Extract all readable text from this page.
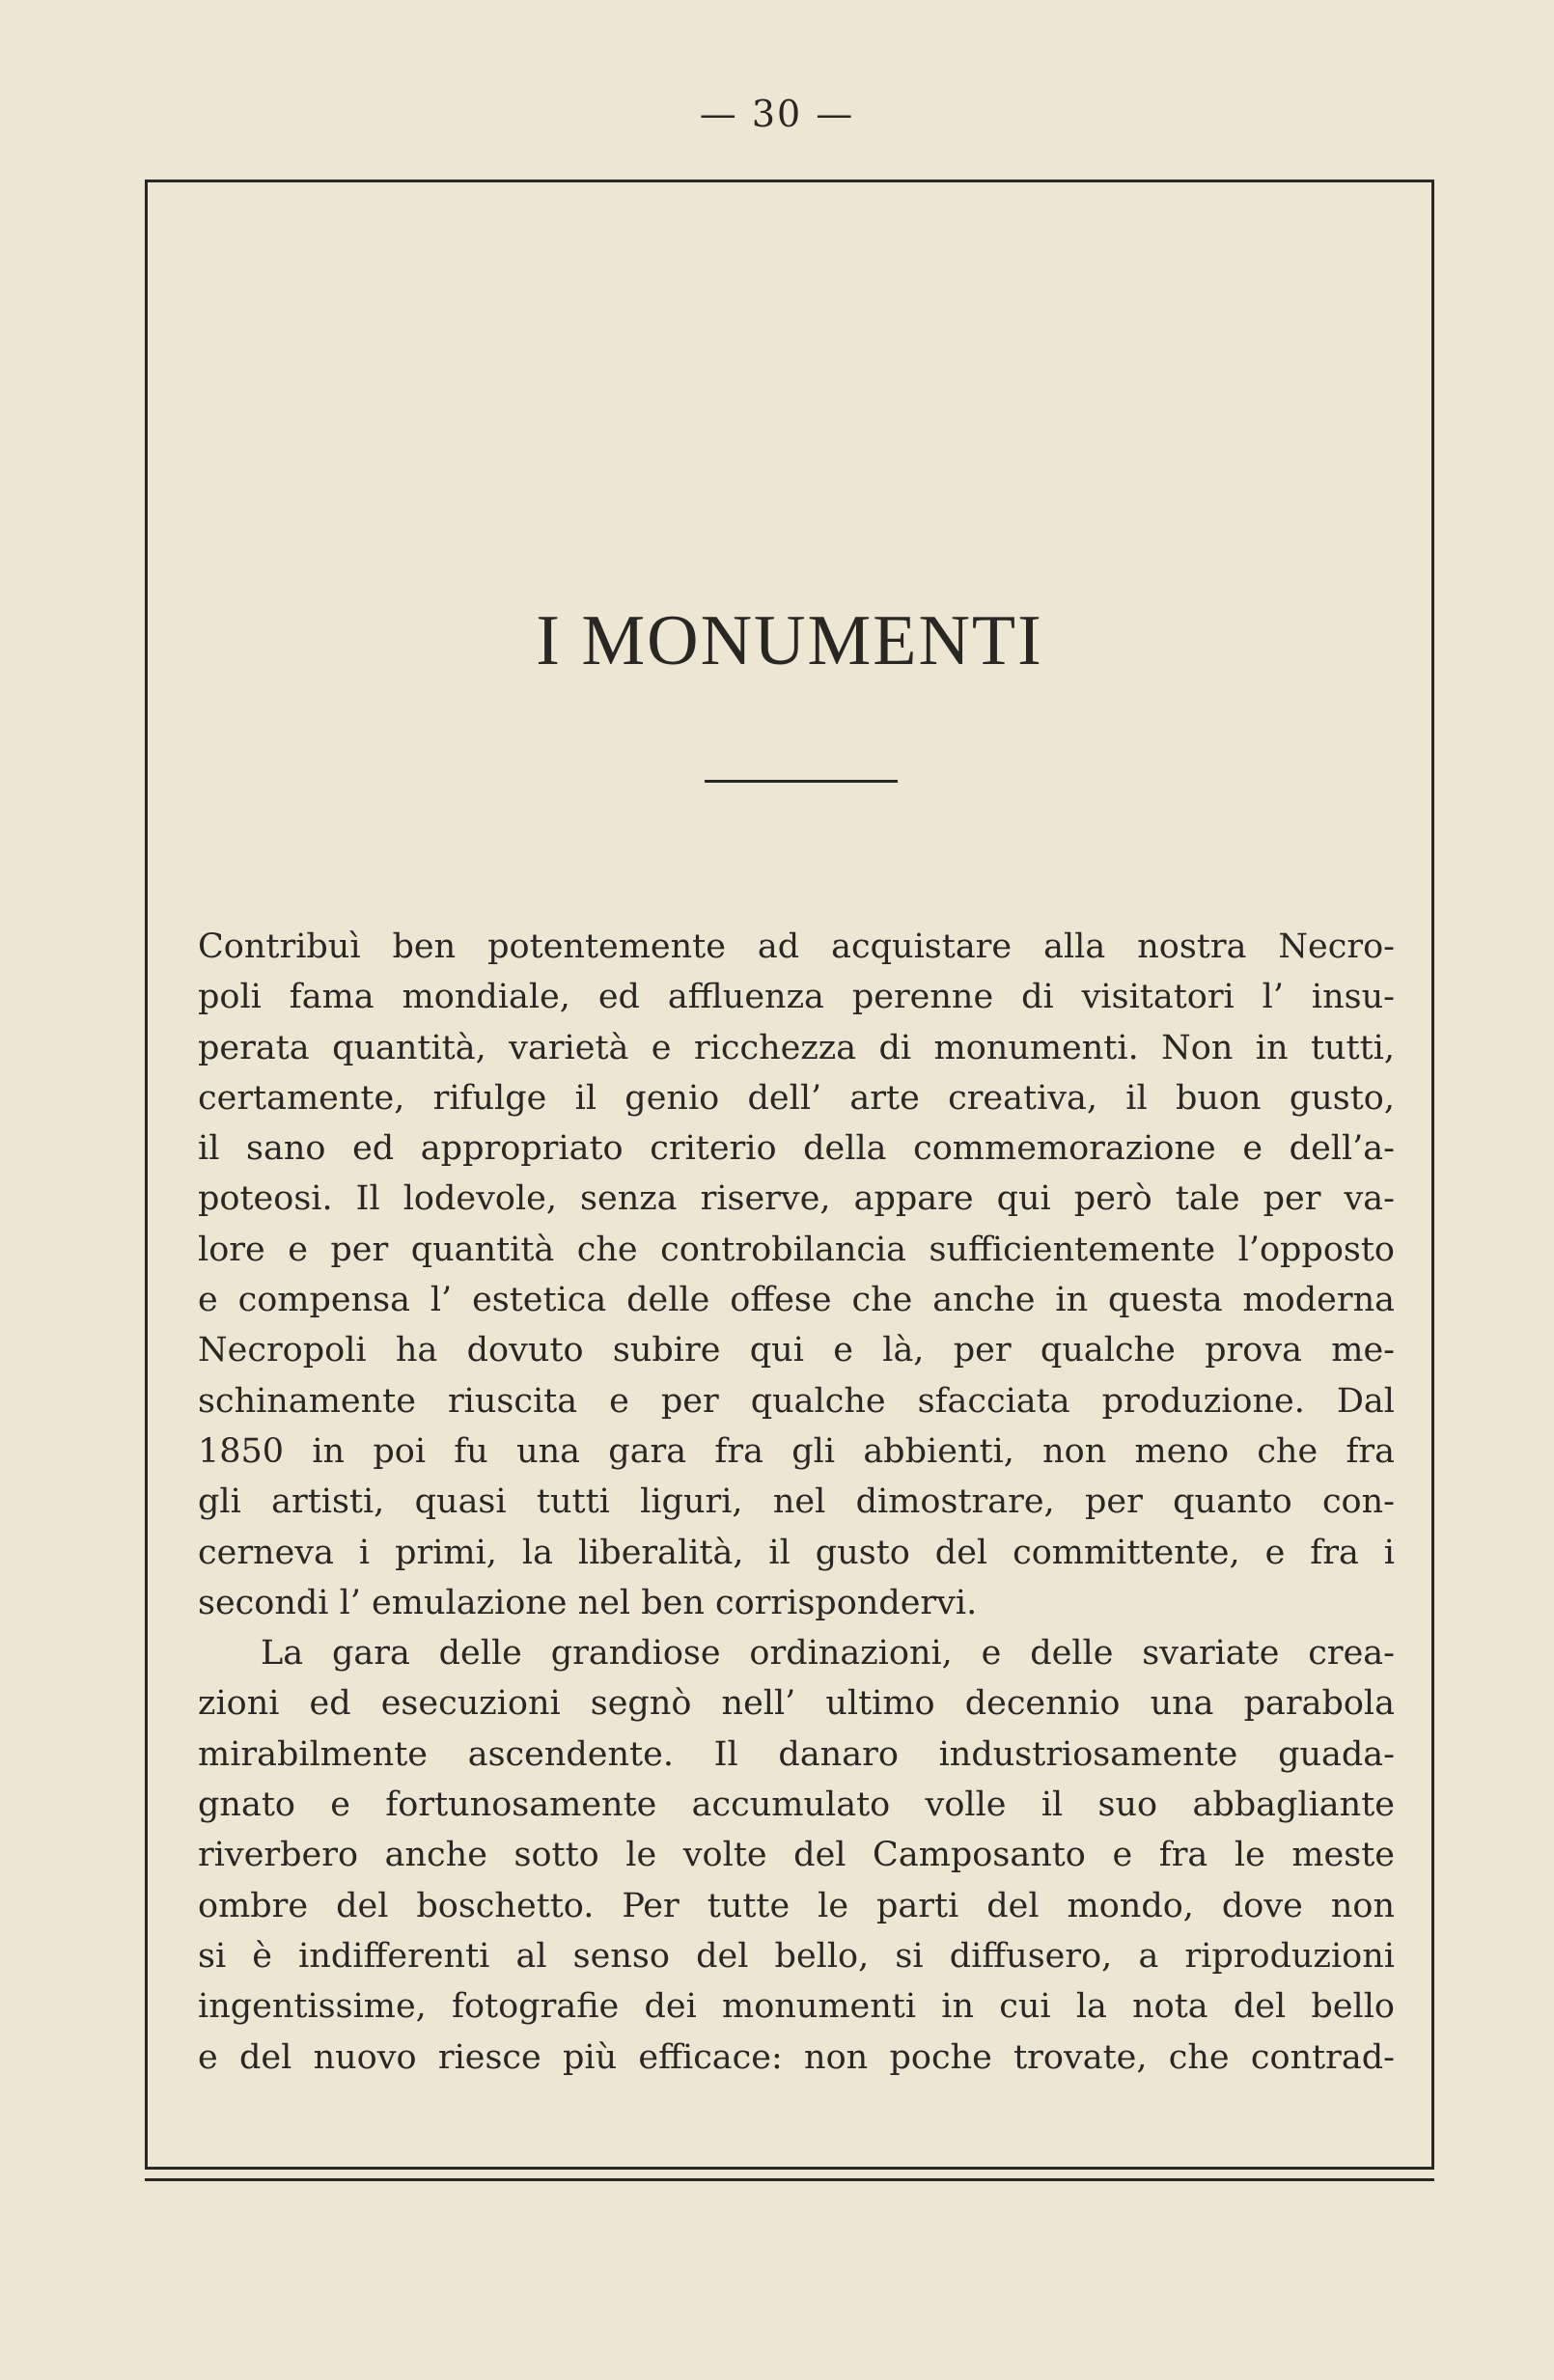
— 30 —
I MONUMENTI
Contribuì ben potentemente ad acquistare alla nostra Necro-
poli fama mondiale, ed affluenza perenne di visitatori l’ insu-
perata quantità, varietà e ricchezza di monumenti. Non in tutti,
certamente, rifulge il genio dell’ arte creativa, il buon gusto,
il sano ed appropriato criterio della commemorazione e dell’a-
poteosi. Il lodevole, senza riserve, appare qui però tale per va-
lore e per quantità che controbilancia sufficientemente l’opposto
e compensa l’ estetica delle offese che anche in questa moderna
Necropoli ha dovuto subire qui e là, per qualche prova me-
schinamente riuscita e per qualche sfacciata produzione. Dal
1850 in poi fu una gara fra gli abbienti, non meno che fra
gli artisti, quasi tutti liguri, nel dimostrare, per quanto con-
cerneva i primi, la liberalità, il gusto del committente, e fra i
secondi l’ emulazione nel ben corrispondervi.
La gara delle grandiose ordinazioni, e delle svariate crea-
zioni ed esecuzioni segnò nell’ ultimo decennio una parabola
mirabilmente ascendente. Il danaro industriosamente guada-
gnato e fortunosamente accumulato volle il suo abbagliante
riverbero anche sotto le volte del Camposanto e fra le meste
ombre del boschetto. Per tutte le parti del mondo, dove non
si è indifferenti al senso del bello, si diffusero, a riproduzioni
ingentissime, fotografie dei monumenti in cui la nota del bello
e del nuovo riesce più efficace: non poche trovate, che contrad-
